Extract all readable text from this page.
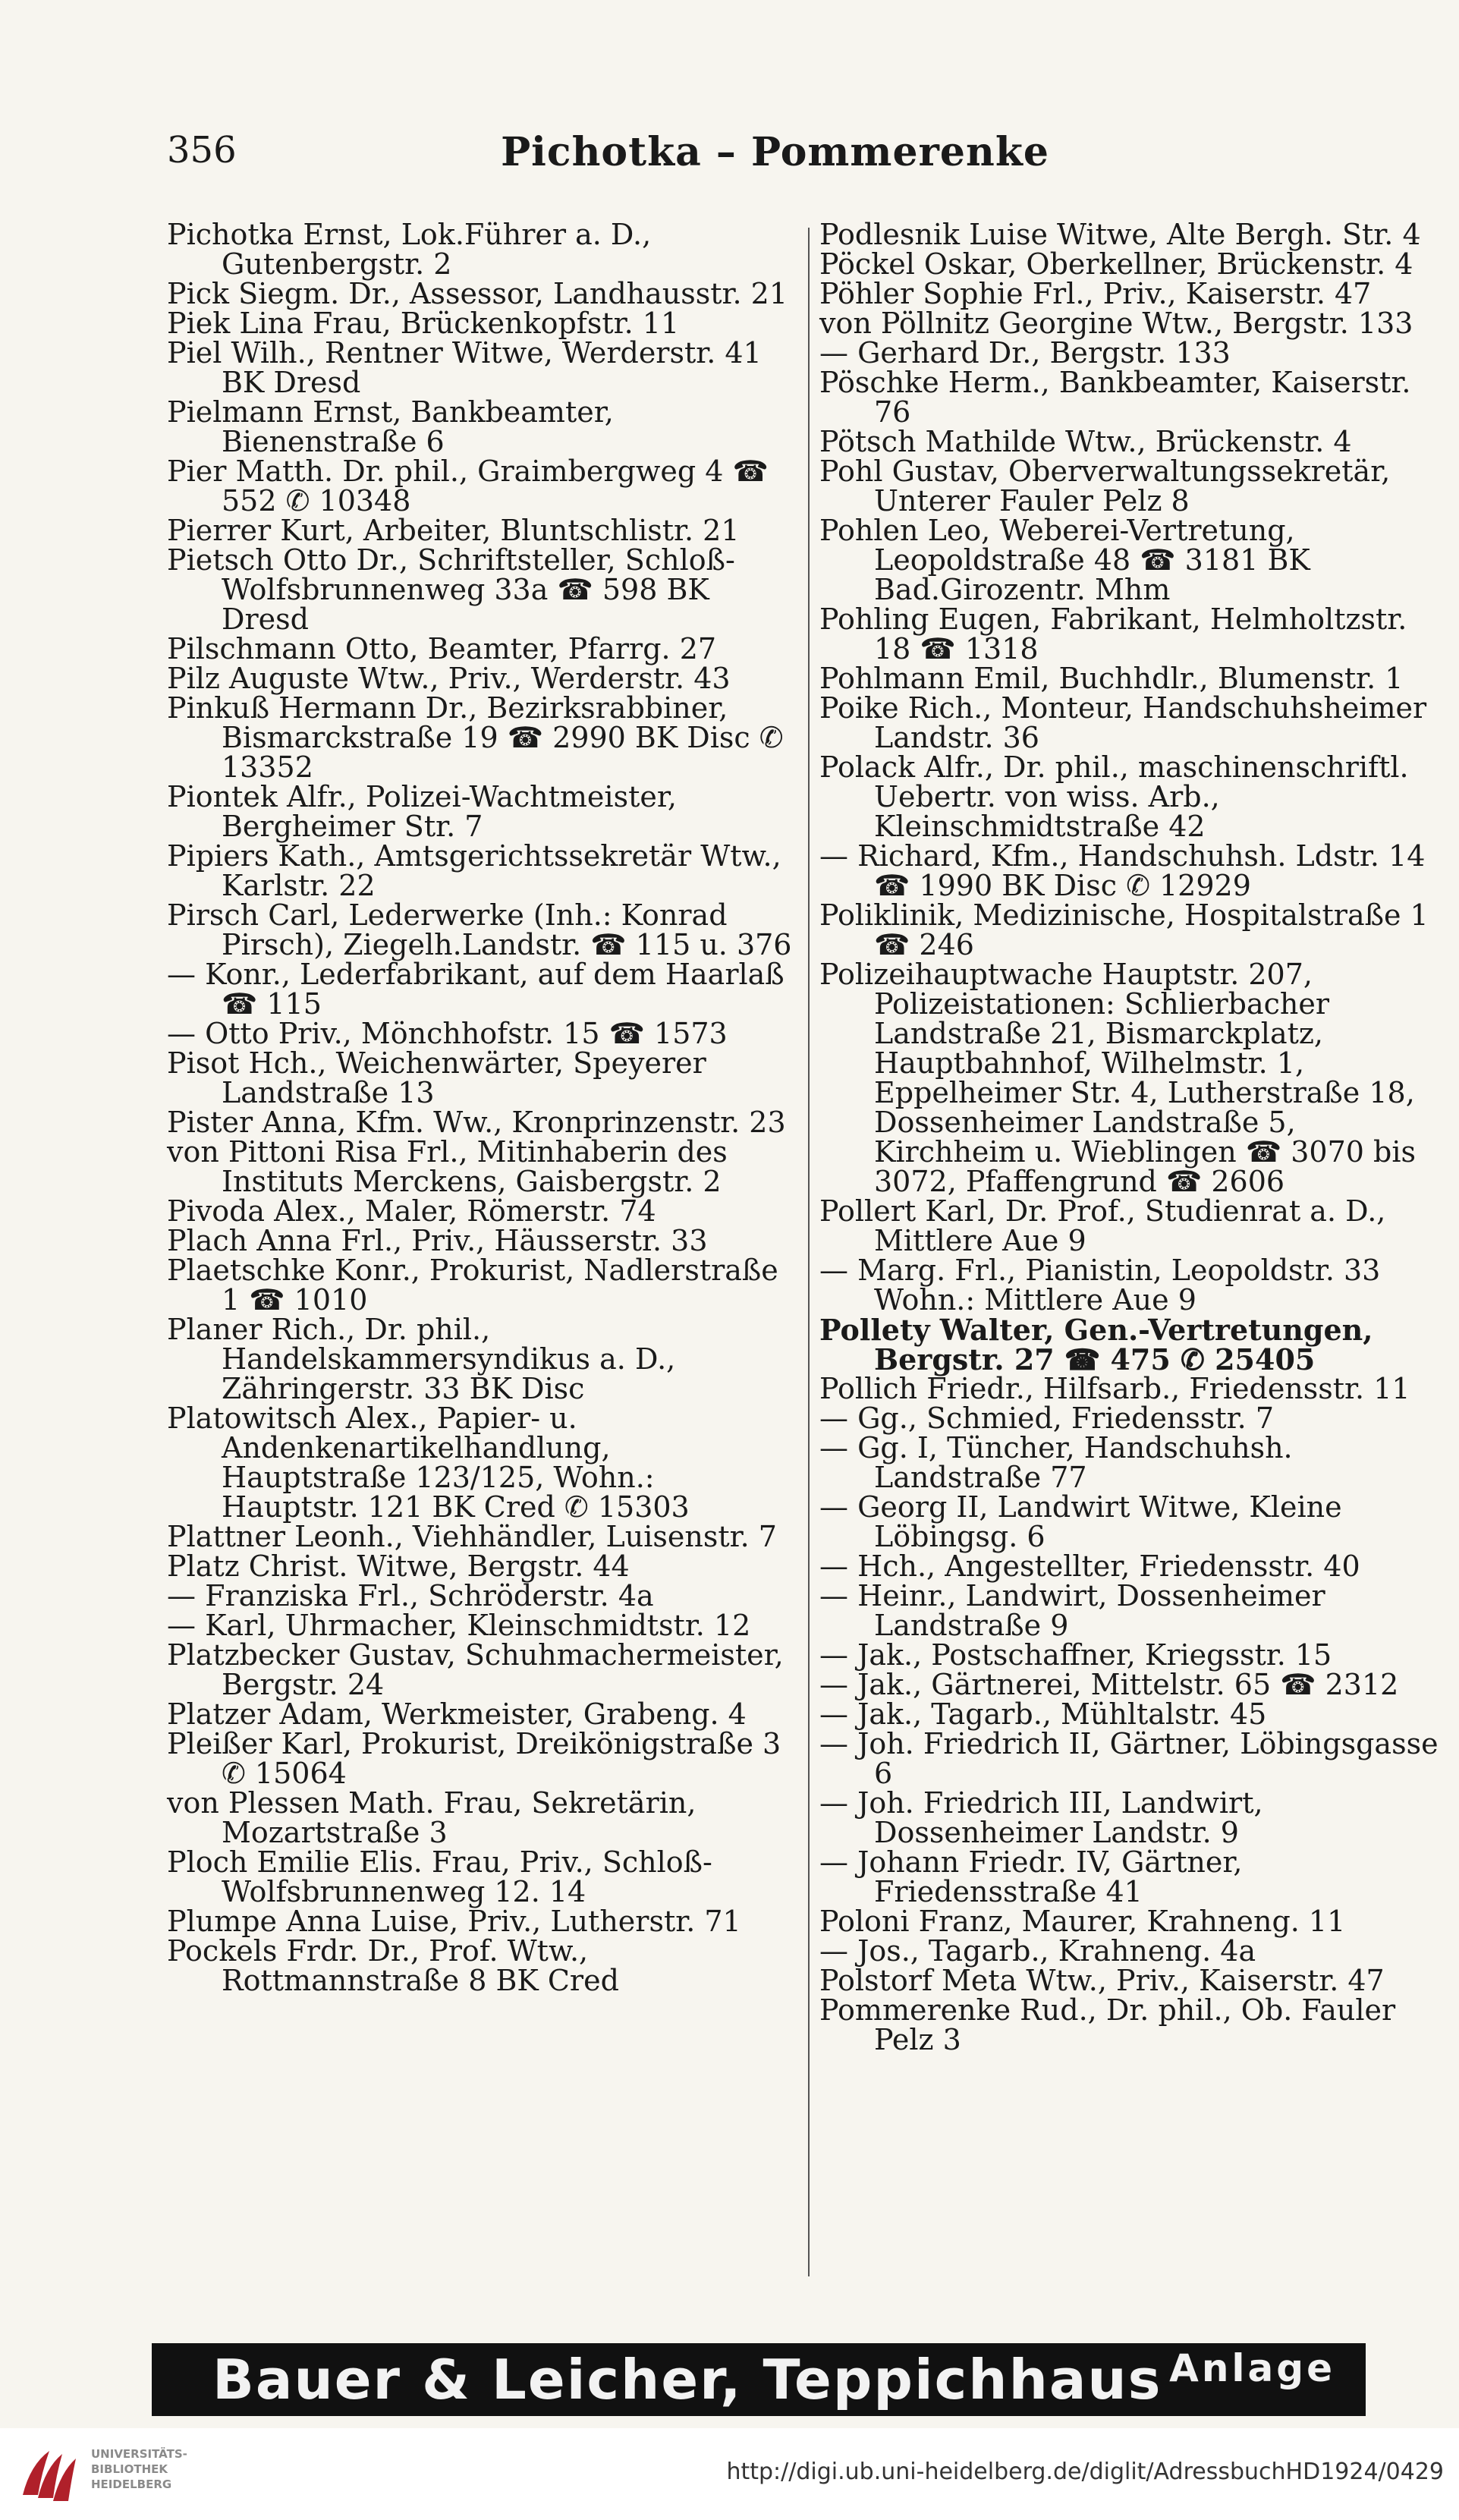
356	Pichotka – Pommerenke

Pichotka Ernst, Lok.Führer a. D., Gutenbergstr. 2

Pick Siegm. Dr., Assessor, Landhausstr. 21

Piek Lina Frau, Brückenkopfstr. 11

Piel Wilh., Rentner Witwe, Werderstr. 41 BK Dresd

Pielmann Ernst, Bankbeamter, Bienenstraße 6

Pier Matth. Dr. phil., Graimbergweg 4 ☎ 552 ✆ 10348

Pierrer Kurt, Arbeiter, Bluntschlistr. 21

Pietsch Otto Dr., Schriftsteller, Schloß-Wolfsbrunnenweg 33a ☎ 598 BK Dresd

Pilschmann Otto, Beamter, Pfarrg. 27

Pilz Auguste Wtw., Priv., Werderstr. 43

Pinkuß Hermann Dr., Bezirksrabbiner, Bismarckstraße 19 ☎ 2990 BK Disc ✆ 13352

Piontek Alfr., Polizei-Wachtmeister, Bergheimer Str. 7

Pipiers Kath., Amtsgerichtssekretär Wtw., Karlstr. 22

Pirsch Carl, Lederwerke (Inh.: Konrad Pirsch), Ziegelh.Landstr. ☎ 115 u. 376

— Konr., Lederfabrikant, auf dem Haarlaß ☎ 115

— Otto Priv., Mönchhofstr. 15 ☎ 1573

Pisot Hch., Weichenwärter, Speyerer Landstraße 13

Pister Anna, Kfm. Ww., Kronprinzenstr. 23

von Pittoni Risa Frl., Mitinhaberin des Instituts Merckens, Gaisbergstr. 2

Pivoda Alex., Maler, Römerstr. 74

Plach Anna Frl., Priv., Häusserstr. 33

Plaetschke Konr., Prokurist, Nadlerstraße 1 ☎ 1010

Planer Rich., Dr. phil., Handelskammersyndikus a. D., Zähringerstr. 33 BK Disc

Platowitsch Alex., Papier- u. Andenkenartikelhandlung, Hauptstraße 123/125, Wohn.: Hauptstr. 121 BK Cred ✆ 15303

Plattner Leonh., Viehhändler, Luisenstr. 7

Platz Christ. Witwe, Bergstr. 44

— Franziska Frl., Schröderstr. 4a

— Karl, Uhrmacher, Kleinschmidtstr. 12

Platzbecker Gustav, Schuhmachermeister, Bergstr. 24

Platzer Adam, Werkmeister, Grabeng. 4

Pleißer Karl, Prokurist, Dreikönigstraße 3 ✆ 15064

von Plessen Math. Frau, Sekretärin, Mozartstraße 3

Ploch Emilie Elis. Frau, Priv., Schloß-Wolfsbrunnenweg 12. 14

Plumpe Anna Luise, Priv., Lutherstr. 71

Pockels Frdr. Dr., Prof. Wtw., Rottmannstraße 8 BK Cred

Podlesnik Luise Witwe, Alte Bergh. Str. 4

Pöckel Oskar, Oberkellner, Brückenstr. 4

Pöhler Sophie Frl., Priv., Kaiserstr. 47

von Pöllnitz Georgine Wtw., Bergstr. 133

— Gerhard Dr., Bergstr. 133

Pöschke Herm., Bankbeamter, Kaiserstr. 76

Pötsch Mathilde Wtw., Brückenstr. 4

Pohl Gustav, Oberverwaltungssekretär, Unterer Fauler Pelz 8

Pohlen Leo, Weberei-Vertretung, Leopoldstraße 48 ☎ 3181 BK Bad.Girozentr. Mhm

Pohling Eugen, Fabrikant, Helmholtzstr. 18 ☎ 1318

Pohlmann Emil, Buchhdlr., Blumenstr. 1

Poike Rich., Monteur, Handschuhsheimer Landstr. 36

Polack Alfr., Dr. phil., maschinenschriftl. Uebertr. von wiss. Arb., Kleinschmidtstraße 42

— Richard, Kfm., Handschuhsh. Ldstr. 14 ☎ 1990 BK Disc ✆ 12929

Poliklinik, Medizinische, Hospitalstraße 1 ☎ 246

Polizeihauptwache Hauptstr. 207, Polizeistationen: Schlierbacher Landstraße 21, Bismarckplatz, Hauptbahnhof, Wilhelmstr. 1, Eppelheimer Str. 4, Lutherstraße 18, Dossenheimer Landstraße 5, Kirchheim u. Wieblingen ☎ 3070 bis 3072, Pfaffengrund ☎ 2606

Pollert Karl, Dr. Prof., Studienrat a. D., Mittlere Aue 9

— Marg. Frl., Pianistin, Leopoldstr. 33 Wohn.: Mittlere Aue 9

Pollety Walter, Gen.-Vertretungen, Bergstr. 27 ☎ 475 ✆ 25405

Pollich Friedr., Hilfsarb., Friedensstr. 11

— Gg., Schmied, Friedensstr. 7

— Gg. I, Tüncher, Handschuhsh. Landstraße 77

— Georg II, Landwirt Witwe, Kleine Löbingsg. 6

— Hch., Angestellter, Friedensstr. 40

— Heinr., Landwirt, Dossenheimer Landstraße 9

— Jak., Postschaffner, Kriegsstr. 15

— Jak., Gärtnerei, Mittelstr. 65 ☎ 2312

— Jak., Tagarb., Mühltalstr. 45

— Joh. Friedrich II, Gärtner, Löbingsgasse 6

— Joh. Friedrich III, Landwirt, Dossenheimer Landstr. 9

— Johann Friedr. IV, Gärtner, Friedensstraße 41

Poloni Franz, Maurer, Krahneng. 11

— Jos., Tagarb., Krahneng. 4a

Polstorf Meta Wtw., Priv., Kaiserstr. 47

Pommerenke Rud., Dr. phil., Ob. Fauler Pelz 3

Bauer & Leicher, Teppichhaus Anlage
UNIVERSITÄTS-
BIBLIOTHEK
HEIDELBERG	http://digi.ub.uni-heidelberg.de/diglit/AdressbuchHD1924/0429
